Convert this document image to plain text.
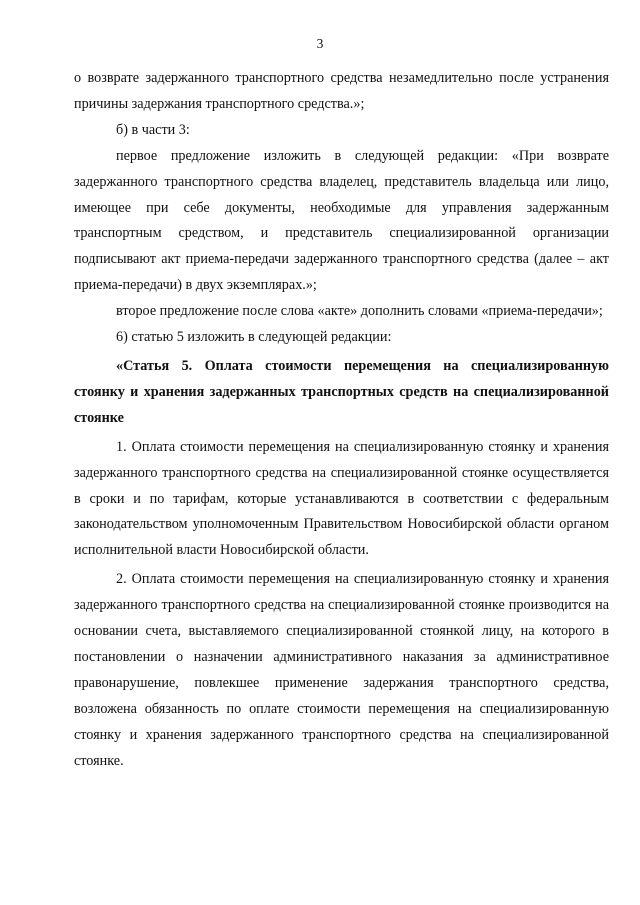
3

о возврате задержанного транспортного средства незамедлительно после устранения причины задержания транспортного средства.»;

б) в части 3:

первое предложение изложить в следующей редакции: «При возврате задержанного транспортного средства владелец, представитель владельца или лицо, имеющее при себе документы, необходимые для управления задержанным транспортным средством, и представитель специализированной организации подписывают акт приема-передачи задержанного транспортного средства (далее – акт приема-передачи) в двух экземплярах.»;

второе предложение после слова «акте» дополнить словами «приема-передачи»;

6) статью 5 изложить в следующей редакции:

«Статья 5. Оплата стоимости перемещения на специализированную стоянку и хранения задержанных транспортных средств на специализированной стоянке

1. Оплата стоимости перемещения на специализированную стоянку и хранения задержанного транспортного средства на специализированной стоянке осуществляется в сроки и по тарифам, которые устанавливаются в соответствии с федеральным законодательством уполномоченным Правительством Новосибирской области органом исполнительной власти Новосибирской области.

2. Оплата стоимости перемещения на специализированную стоянку и хранения задержанного транспортного средства на специализированной стоянке производится на основании счета, выставляемого специализированной стоянкой лицу, на которого в постановлении о назначении административного наказания за административное правонарушение, повлекшее применение задержания транспортного средства, возложена обязанность по оплате стоимости перемещения на специализированную стоянку и хранения задержанного транспортного средства на специализированной стоянке.
